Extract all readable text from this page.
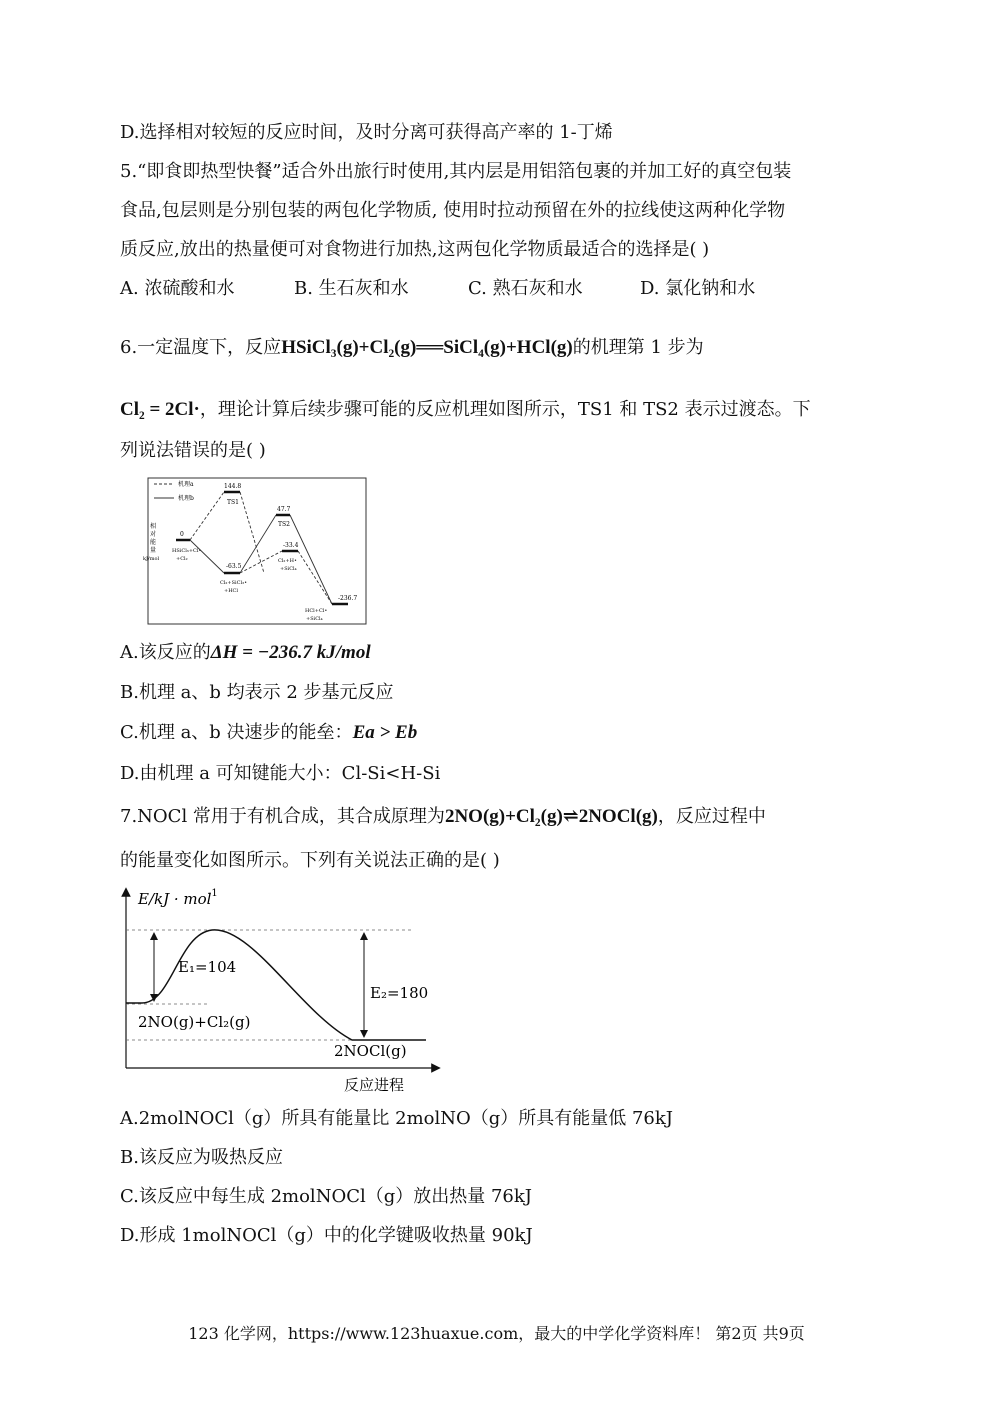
D.选择相对较短的反应时间，及时分离可获得高产率的 1-丁烯
5.“即食即热型快餐”适合外出旅行时使用,其内层是用铝箔包裹的并加工好的真空包装
食品,包层则是分别包装的两包化学物质, 使用时拉动预留在外的拉线使这两种化学物
质反应,放出的热量便可对食物进行加热,这两包化学物质最适合的选择是( )
A. 浓硫酸和水	B. 生石灰和水	C. 熟石灰和水	D. 氯化钠和水
6.一定温度下，反应HSiCl₃(g)+Cl₂(g)══SiCl₄(g)+HCl(g)的机理第 1 步为
Cl₂ = 2Cl·，理论计算后续步骤可能的反应机理如图所示，TS1 和 TS2 表示过渡态。下
列说法错误的是( )
机理a
机理b
相
对
能
量
kJ/mol
0
HSiCl₃+Cl•
+Cl₂
144.8
TS1
-63.5
Cl₂+SiCl₃•
+HCl
47.7
TS2
-33.4
Cl₂+H•
+SiCl₄
-236.7
HCl+Cl•
+SiCl₄
A.该反应的ΔH = −236.7 kJ/mol
B.机理 a、b 均表示 2 步基元反应
C.机理 a、b 决速步的能垒：Ea > Eb
D.由机理 a 可知键能大小：Cl-Si<H-Si
7.NOCl 常用于有机合成，其合成原理为2NO(g)+Cl₂(g)⇌2NOCl(g)，反应过程中
的能量变化如图所示。下列有关说法正确的是( )
E/kJ · mol
-1
E₁=104
E₂=180
2NO(g)+Cl₂(g)
2NOCl(g)
反应进程
A.2molNOCl（g）所具有能量比 2molNO（g）所具有能量低 76kJ
B.该反应为吸热反应
C.该反应中每生成 2molNOCl（g）放出热量 76kJ
D.形成 1molNOCl（g）中的化学键吸收热量 90kJ
123 化学网，https://www.123huaxue.com，最大的中学化学资料库！ 第2页 共9页
